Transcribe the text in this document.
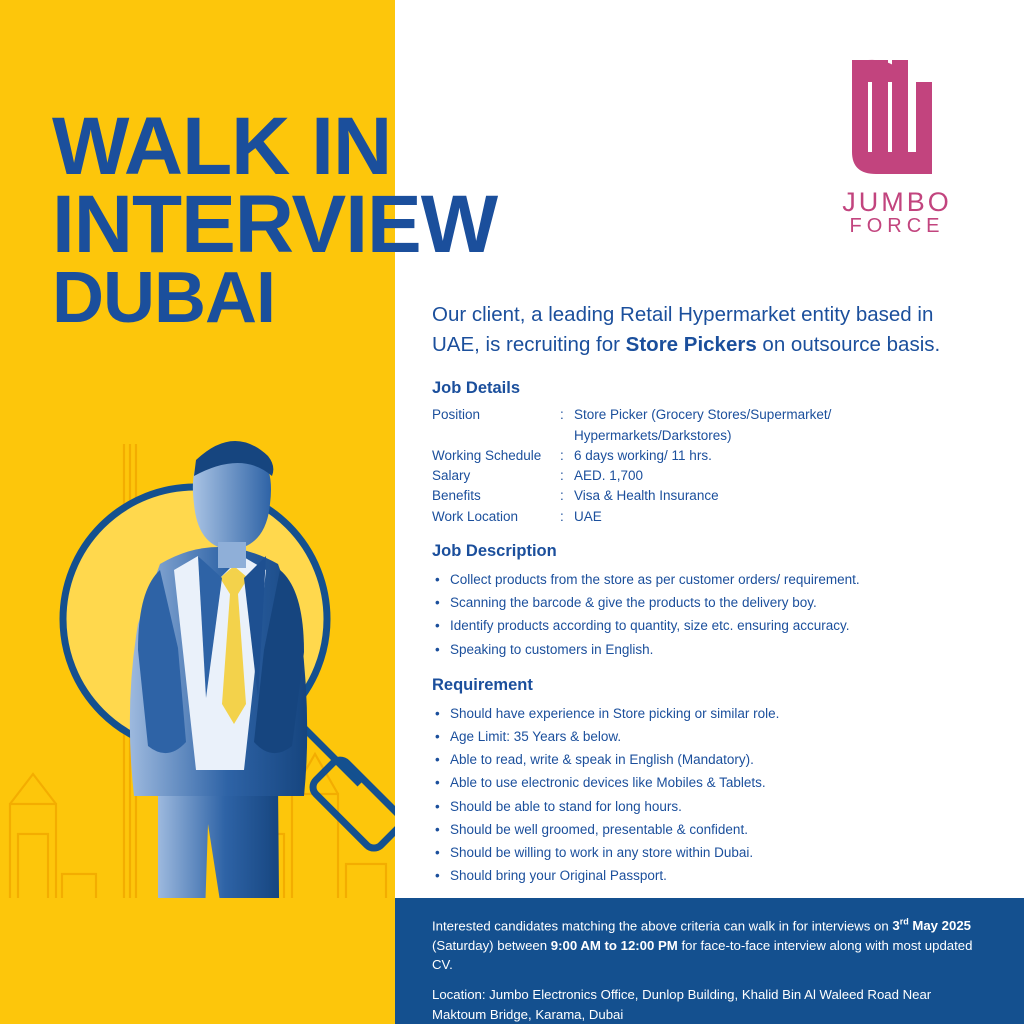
WALK IN
INTERVIEW
DUBAI
JUMBO
FORCE

Our client, a leading Retail Hypermarket entity based in UAE, is recruiting for Store Pickers on outsource basis.

Job Details
Position	: Store Picker (Grocery Stores/Supermarket/ Hypermarkets/Darkstores)
Working Schedule	: 6 days working/ 11 hrs.
Salary	: AED. 1,700
Benefits	: Visa & Health Insurance
Work Location	: UAE
Job Description
• Collect products from the store as per customer orders/ requirement.
• Scanning the barcode & give the products to the delivery boy.
• Identify products according to quantity, size etc. ensuring accuracy.
• Speaking to customers in English.
Requirement
• Should have experience in Store picking or similar role.
• Age Limit: 35 Years & below.
• Able to read, write & speak in English (Mandatory).
• Able to use electronic devices like Mobiles & Tablets.
• Should be able to stand for long hours.
• Should be well groomed, presentable & confident.
• Should be willing to work in any store within Dubai.
• Should bring your Original Passport.

Interested candidates matching the above criteria can walk in for interviews on 3rd May 2025 (Saturday) between 9:00 AM to 12:00 PM for face-to-face interview along with most updated CV.

Location: Jumbo Electronics Office, Dunlop Building, Khalid Bin Al Waleed Road Near Maktoum Bridge, Karama, Dubai
